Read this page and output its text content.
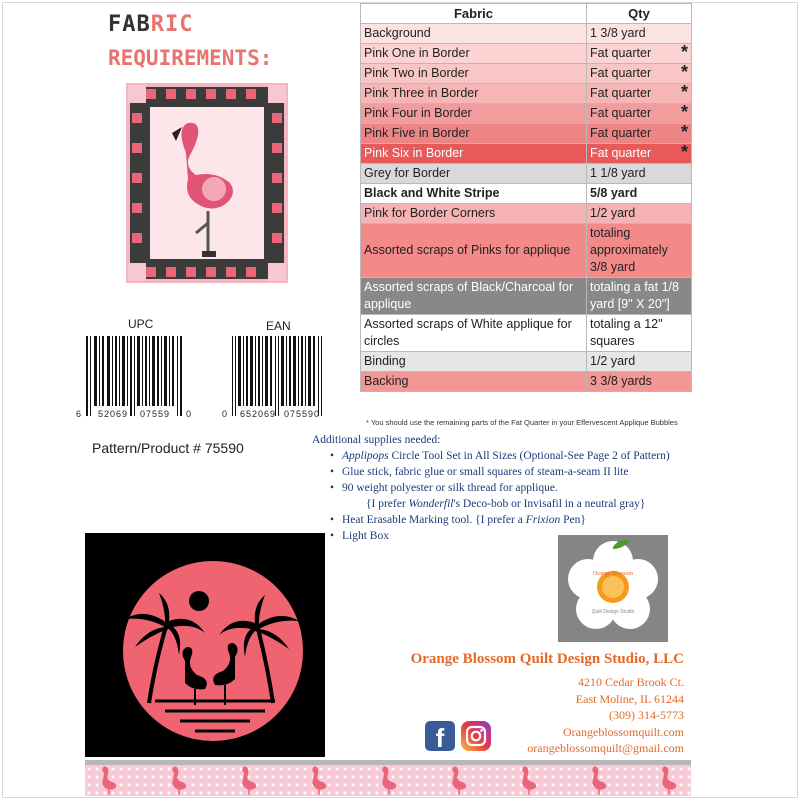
FABRIC
REQUIREMENTS:
UPC	EAN
6 52069 07559 0	0 652069 075590
Pattern/Product # 75590
Fabric	Qty
Background	1 3/8 yard
Pink One in Border	Fat quarter *

Pink Two in Border	Fat quarter *

Pink Three in Border	Fat quarter *

Pink Four in Border	Fat quarter *

Pink Five in Border	Fat quarter *

Pink Six in Border	Fat quarter *

Grey for Border	1 1/8 yard
Black and White Stripe	5/8 yard
Pink for Border Corners	1/2 yard
Assorted scraps of Pinks for applique	totaling approximately 3/8 yard
Assorted scraps of Black/Charcoal for applique	totaling a fat 1/8 yard [9" X 20"]
Assorted scraps of White applique for circles	totaling a 12" squares
Binding	1/2 yard
Backing	3 3/8 yards
* You should use the remaining parts of the Fat Quarter in your Effervescent Applique Bubbles
Additional supplies needed:
• Applipops Circle Tool Set in All Sizes (Optional-See Page 2 of Pattern)
• Glue stick, fabric glue or small squares of steam-a-seam II lite
• 90 weight polyester or silk thread for applique.
{I prefer Wonderfil's Deco-bob or Invisafil in a neutral gray}
• Heat Erasable Marking tool. {I prefer a Frixion Pen}
• Light Box
Orange Blossom
Quilt Design Studio
Orange Blossom Quilt Design Studio, LLC
4210 Cedar Brook Ct.
East Moline, IL 61244
(309) 314-5773
Orangeblossomquilt.com
orangeblossomquilt@gmail.com
f
